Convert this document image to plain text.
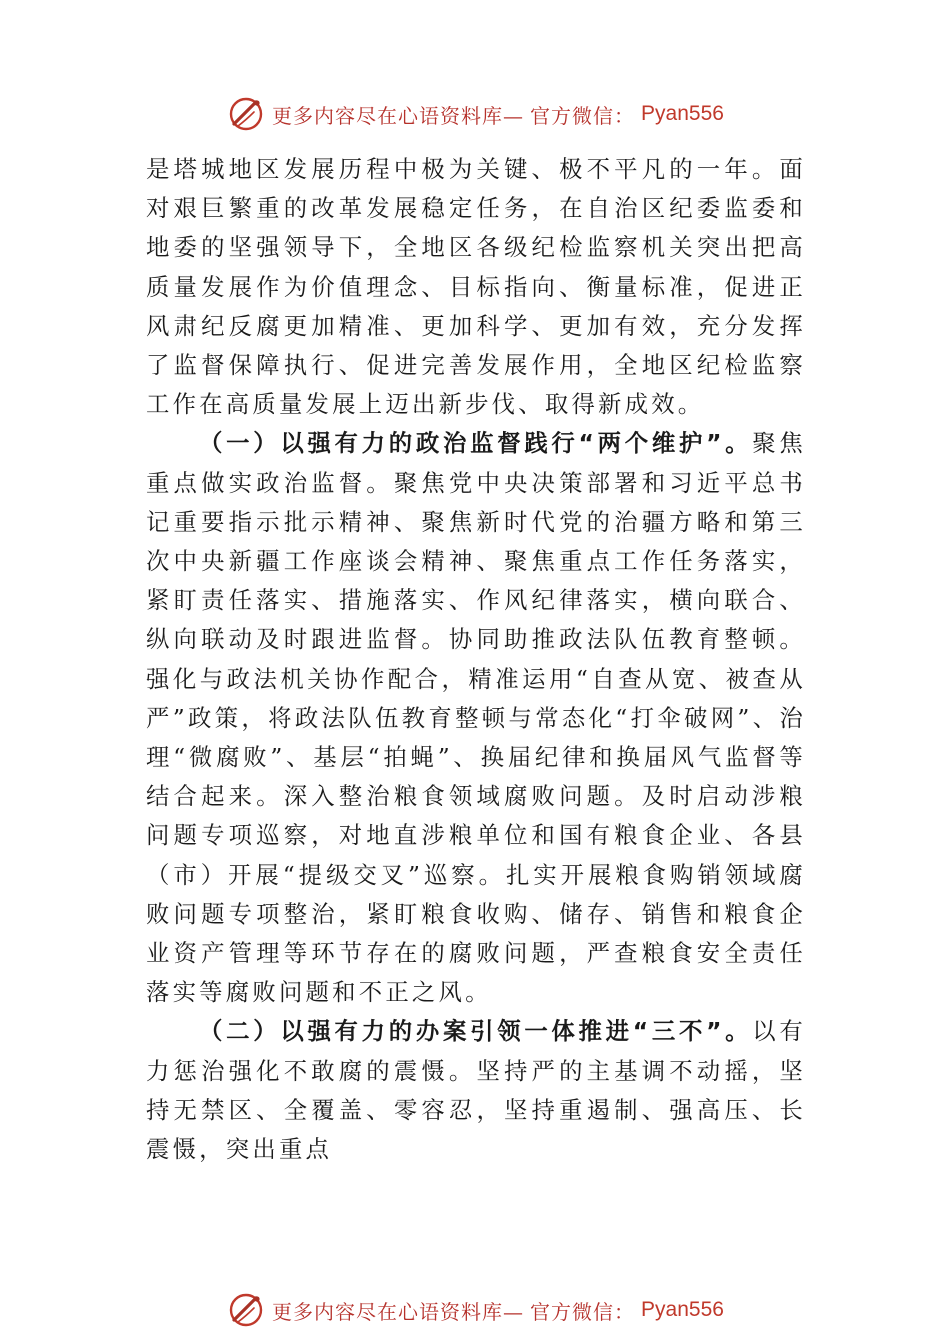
更多内容尽在心语资料库— 官方微信： Pyan556

是塔城地区发展历程中极为关键、极不平凡的一年。面对艰巨繁重的改革发展稳定任务，在自治区纪委监委和地委的坚强领导下，全地区各级纪检监察机关突出把高质量发展作为价值理念、目标指向、衡量标准，促进正风肃纪反腐更加精准、更加科学、更加有效，充分发挥了监督保障执行、促进完善发展作用，全地区纪检监察工作在高质量发展上迈出新步伐、取得新成效。

（一）以强有力的政治监督践行“两个维护”。聚焦重点做实政治监督。聚焦党中央决策部署和习近平总书记重要指示批示精神、聚焦新时代党的治疆方略和第三次中央新疆工作座谈会精神、聚焦重点工作任务落实，紧盯责任落实、措施落实、作风纪律落实，横向联合、纵向联动及时跟进监督。协同助推政法队伍教育整顿。强化与政法机关协作配合，精准运用“自查从宽、被查从严”政策，将政法队伍教育整顿与常态化“打伞破网”、治理“微腐败”、基层“拍蝇”、换届纪律和换届风气监督等结合起来。深入整治粮食领域腐败问题。及时启动涉粮问题专项巡察，对地直涉粮单位和国有粮食企业、各县（市）开展“提级交叉”巡察。扎实开展粮食购销领域腐败问题专项整治，紧盯粮食收购、储存、销售和粮食企业资产管理等环节存在的腐败问题，严查粮食安全责任落实等腐败问题和不正之风。

（二）以强有力的办案引领一体推进“三不”。以有力惩治强化不敢腐的震慑。坚持严的主基调不动摇，坚持无禁区、全覆盖、零容忍，坚持重遏制、强高压、长震慑，突出重点

更多内容尽在心语资料库— 官方微信： Pyan556
